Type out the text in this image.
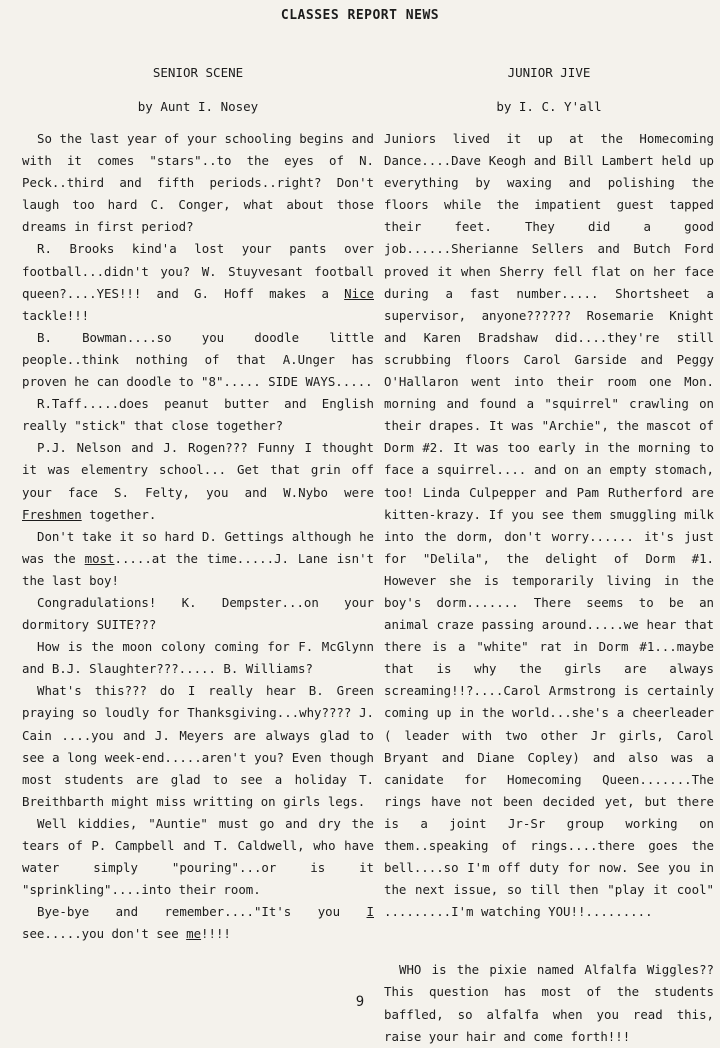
CLASSES REPORT NEWS
SENIOR SCENE
by Aunt I. Nosey

So the last year of your schooling begins and with it comes "stars"..to the eyes of N. Peck..third and fifth periods..right? Don't laugh too hard C. Conger, what about those dreams in first period?

R. Brooks kind'a lost your pants over football...didn't you? W. Stuyvesant football queen?....YES!!! and G. Hoff makes a Nice tackle!!!

B. Bowman....so you doodle little people..think nothing of that A.Unger has proven he can doodle to "8"..... SIDE WAYS.....

R.Taff.....does peanut butter and English really "stick" that close together?

P.J. Nelson and J. Rogen??? Funny I thought it was elementry school... Get that grin off your face S. Felty, you and W.Nybo were Freshmen together.

Don't take it so hard D. Gettings although he was the most.....at the time.....J. Lane isn't the last boy!

Congradulations! K. Dempster...on your dormitory SUITE???

How is the moon colony coming for F. McGlynn and B.J. Slaughter???..... B. Williams?

What's this??? do I really hear B. Green praying so loudly for Thanksgiving...why???? J. Cain ....you and J. Meyers are always glad to see a long week-end.....aren't you? Even though most students are glad to see a holiday T. Breithbarth might miss writting on girls legs.

Well kiddies, "Auntie" must go and dry the tears of P. Campbell and T. Caldwell, who have water simply "pouring"...or is it "sprinkling"....into their room.

Bye-bye and remember...."It's you I see.....you don't see me!!!!

JUNIOR JIVE
by I. C. Y'all

Juniors lived it up at the Homecoming Dance....Dave Keogh and Bill Lambert held up everything by waxing and polishing the floors while the impatient guest tapped their feet. They did a good job......Sherianne Sellers and Butch Ford proved it when Sherry fell flat on her face during a fast number..... Shortsheet a supervisor, anyone?????? Rosemarie Knight and Karen Bradshaw did....they're still scrubbing floors Carol Garside and Peggy O'Hallaron went into their room one Mon. morning and found a "squirrel" crawling on their drapes. It was "Archie", the mascot of Dorm #2. It was too early in the morning to face a squirrel.... and on an empty stomach, too! Linda Culpepper and Pam Rutherford are kitten-krazy. If you see them smuggling milk into the dorm, don't worry...... it's just for "Delila", the delight of Dorm #1. However she is temporarily living in the boy's dorm....... There seems to be an animal craze passing around.....we hear that there is a "white" rat in Dorm #1...maybe that is why the girls are always screaming!!?....Carol Armstrong is certainly coming up in the world...she's a cheerleader ( leader with two other Jr girls, Carol Bryant and Diane Copley) and also was a canidate for Homecoming Queen.......The rings have not been decided yet, but there is a joint Jr-Sr group working on them..speaking of rings....there goes the bell....so I'm off duty for now. See you in the next issue, so till then "play it cool" .........I'm watching YOU!!.........

WHO is the pixie named Alfalfa Wiggles?? This question has most of the students baffled, so alfalfa when you read this, raise your hair and come forth!!!

9
